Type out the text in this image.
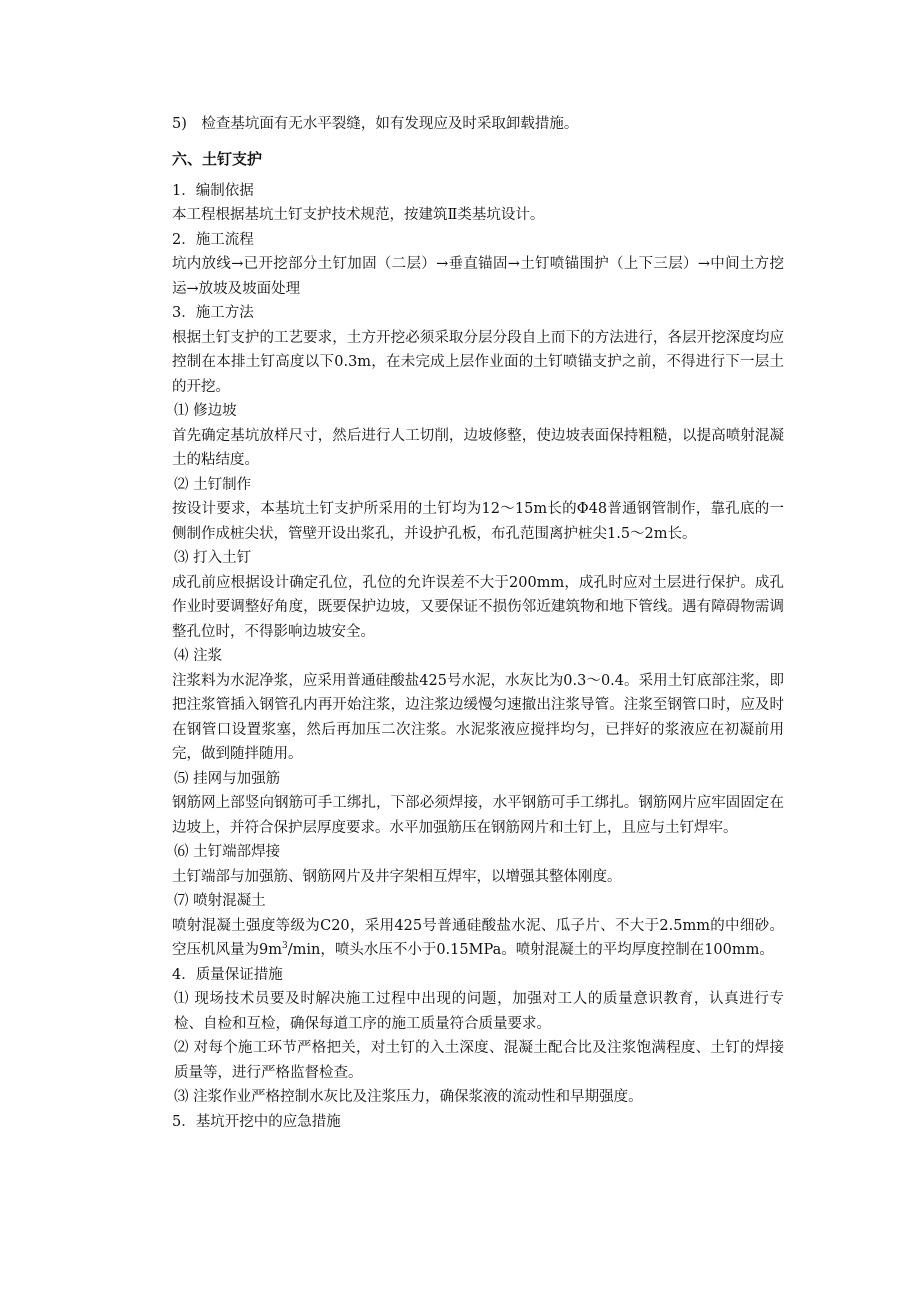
5)　检查基坑面有无水平裂缝，如有发现应及时采取卸载措施。

六、土钉支护

1．编制依据

本工程根据基坑土钉支护技术规范，按建筑Ⅱ类基坑设计。

2．施工流程

坑内放线→已开挖部分土钉加固（二层）→垂直锚固→土钉喷锚围护（上下三层）→中间土方挖运→放坡及坡面处理

3．施工方法

根据土钉支护的工艺要求，土方开挖必须采取分层分段自上而下的方法进行，各层开挖深度均应控制在本排土钉高度以下0.3m，在未完成上层作业面的土钉喷锚支护之前，不得进行下一层土的开挖。

⑴ 修边坡

首先确定基坑放样尺寸，然后进行人工切削，边坡修整，使边坡表面保持粗糙，以提高喷射混凝土的粘结度。

⑵ 土钉制作

按设计要求，本基坑土钉支护所采用的土钉均为12～15m长的Φ48普通钢管制作，靠孔底的一侧制作成桩尖状，管壁开设出浆孔，并设护孔板，布孔范围离护桩尖1.5～2m长。

⑶ 打入土钉

成孔前应根据设计确定孔位，孔位的允许误差不大于200mm，成孔时应对土层进行保护。成孔作业时要调整好角度，既要保护边坡，又要保证不损伤邻近建筑物和地下管线。遇有障碍物需调整孔位时，不得影响边坡安全。

⑷ 注浆

注浆料为水泥净浆，应采用普通硅酸盐425号水泥，水灰比为0.3～0.4。采用土钉底部注浆，即把注浆管插入钢管孔内再开始注浆，边注浆边缓慢匀速撤出注浆导管。注浆至钢管口时，应及时在钢管口设置浆塞，然后再加压二次注浆。水泥浆液应搅拌均匀，已拌好的浆液应在初凝前用完，做到随拌随用。

⑸ 挂网与加强筋

钢筋网上部竖向钢筋可手工绑扎，下部必须焊接，水平钢筋可手工绑扎。钢筋网片应牢固固定在边坡上，并符合保护层厚度要求。水平加强筋压在钢筋网片和土钉上，且应与土钉焊牢。

⑹ 土钉端部焊接

土钉端部与加强筋、钢筋网片及井字架相互焊牢，以增强其整体刚度。

⑺ 喷射混凝土

喷射混凝土强度等级为C20，采用425号普通硅酸盐水泥、瓜子片、不大于2.5mm的中细砂。空压机风量为$9m^3/\min$，喷头水压不小于0.15MPa。喷射混凝土的平均厚度控制在100mm。

4．质量保证措施

⑴ 现场技术员要及时解决施工过程中出现的问题，加强对工人的质量意识教育，认真进行专检、自检和互检，确保每道工序的施工质量符合质量要求。

⑵ 对每个施工环节严格把关，对土钉的入土深度、混凝土配合比及注浆饱满程度、土钉的焊接质量等，进行严格监督检查。

⑶ 注浆作业严格控制水灰比及注浆压力，确保浆液的流动性和早期强度。

5．基坑开挖中的应急措施
